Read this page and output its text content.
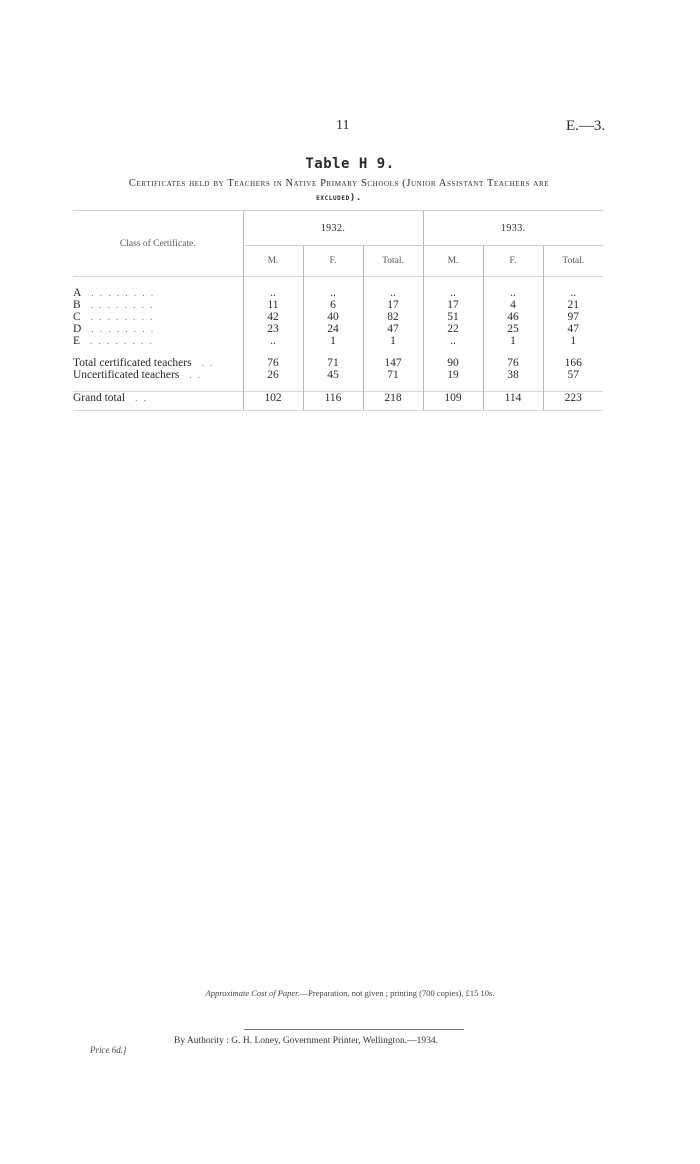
11	E.—3.
Table H 9.
Certificates held by Teachers in Native Primary Schools (Junior Assistant Teachers are
excluded).
Class of Certificate.	1932.			1933.		
	M.	F.	Total.	M.	F.	Total.

A . . . . . . . .	..	..	..	..	..	..
B . . . . . . . .	11	6	17	17	4	21
C . . . . . . . .	42	40	82	51	46	97
D . . . . . . . .	23	24	47	22	25	47
E . . . . . . . .	..	1	1	..	1	1

Total certificated teachers . .	76	71	147	90	76	166
Uncertificated teachers . .	26	45	71	19	38	57

Grand total . .	102	116	218	109	114	223

Approximate Cost of Paper.—Preparation, not given ; printing (700 copies), £15 10s.
By Authority : G. H. Loney, Government Printer, Wellington.—1934.
Price 6d.]
